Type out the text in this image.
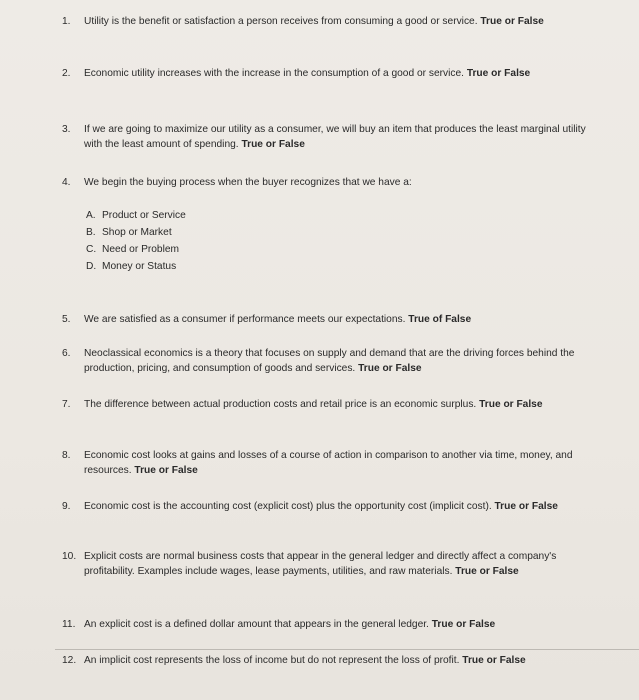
1. Utility is the benefit or satisfaction a person receives from consuming a good or service. True or False
2. Economic utility increases with the increase in the consumption of a good or service. True or False
3. If we are going to maximize our utility as a consumer, we will buy an item that produces the least marginal utility with the least amount of spending. True or False
4. We begin the buying process when the buyer recognizes that we have a:
A. Product or Service
B. Shop or Market
C. Need or Problem
D. Money or Status
5. We are satisfied as a consumer if performance meets our expectations. True of False
6. Neoclassical economics is a theory that focuses on supply and demand that are the driving forces behind the production, pricing, and consumption of goods and services. True or False
7. The difference between actual production costs and retail price is an economic surplus. True or False
8. Economic cost looks at gains and losses of a course of action in comparison to another via time, money, and resources. True or False
9. Economic cost is the accounting cost (explicit cost) plus the opportunity cost (implicit cost). True or False
10. Explicit costs are normal business costs that appear in the general ledger and directly affect a company's profitability. Examples include wages, lease payments, utilities, and raw materials. True or False
11. An explicit cost is a defined dollar amount that appears in the general ledger. True or False
12. An implicit cost represents the loss of income but do not represent the loss of profit. True or False
